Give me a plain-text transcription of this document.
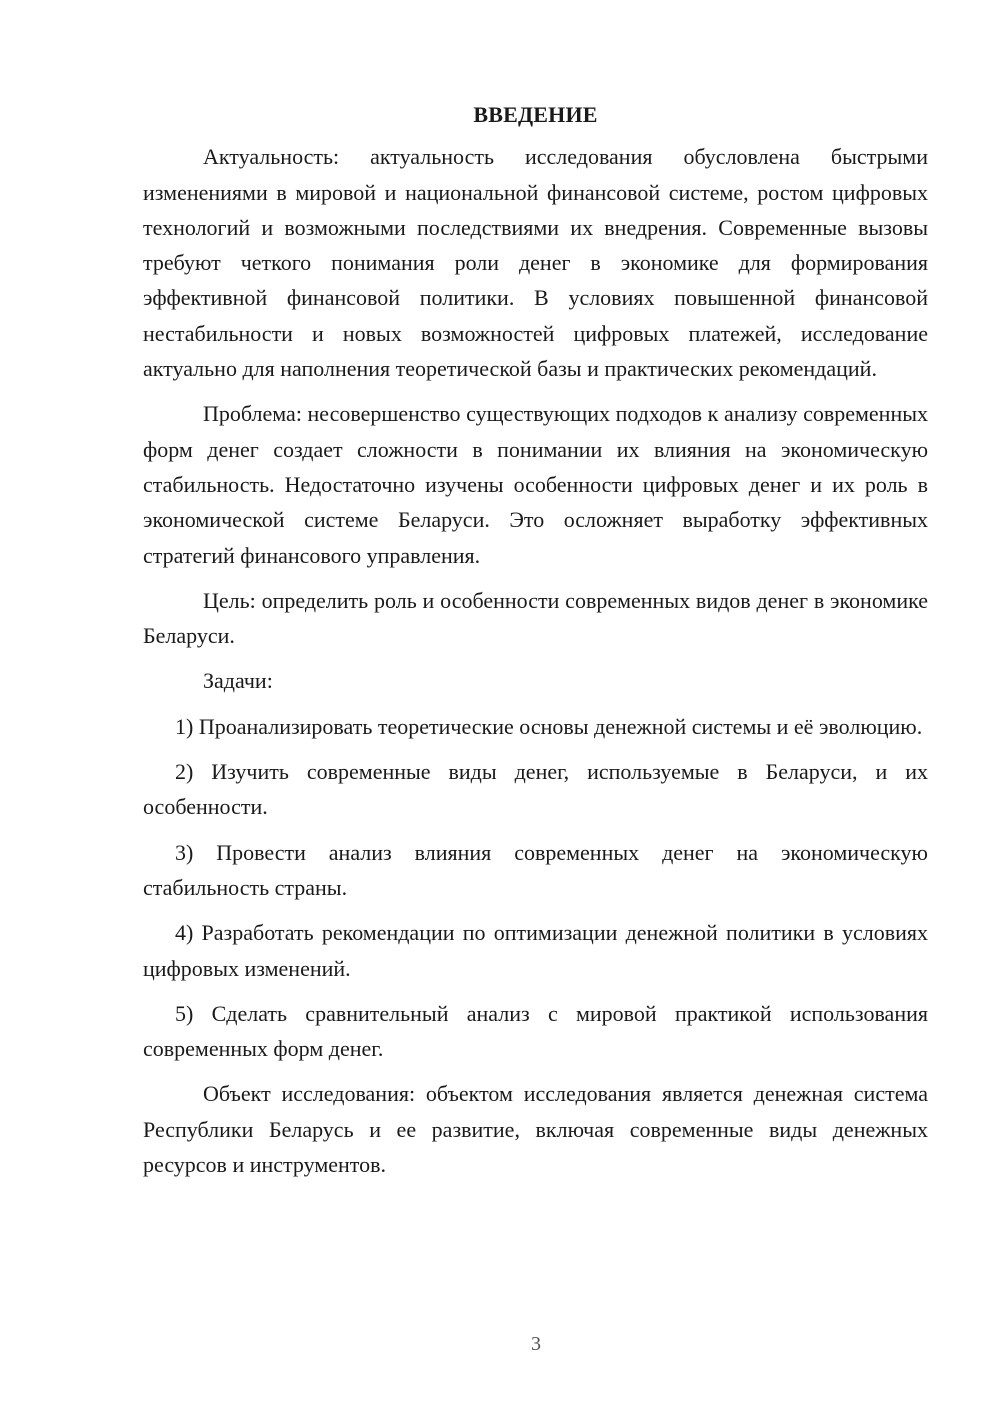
ВВЕДЕНИЕ

Актуальность: актуальность исследования обусловлена быстрыми изменениями в мировой и национальной финансовой системе, ростом цифровых технологий и возможными последствиями их внедрения. Современные вызовы требуют четкого понимания роли денег в экономике для формирования эффективной финансовой политики. В условиях повышенной финансовой нестабильности и новых возможностей цифровых платежей, исследование актуально для наполнения теоретической базы и практических рекомендаций.

Проблема: несовершенство существующих подходов к анализу современных форм денег создает сложности в понимании их влияния на экономическую стабильность. Недостаточно изучены особенности цифровых денег и их роль в экономической системе Беларуси. Это осложняет выработку эффективных стратегий финансового управления.

Цель: определить роль и особенности современных видов денег в экономике Беларуси.

Задачи:

1) Проанализировать теоретические основы денежной системы и её эволюцию.

2) Изучить современные виды денег, используемые в Беларуси, и их особенности.

3) Провести анализ влияния современных денег на экономическую стабильность страны.

4) Разработать рекомендации по оптимизации денежной политики в условиях цифровых изменений.

5) Сделать сравнительный анализ с мировой практикой использования современных форм денег.

Объект исследования: объектом исследования является денежная система Республики Беларусь и ее развитие, включая современные виды денежных ресурсов и инструментов.

3
